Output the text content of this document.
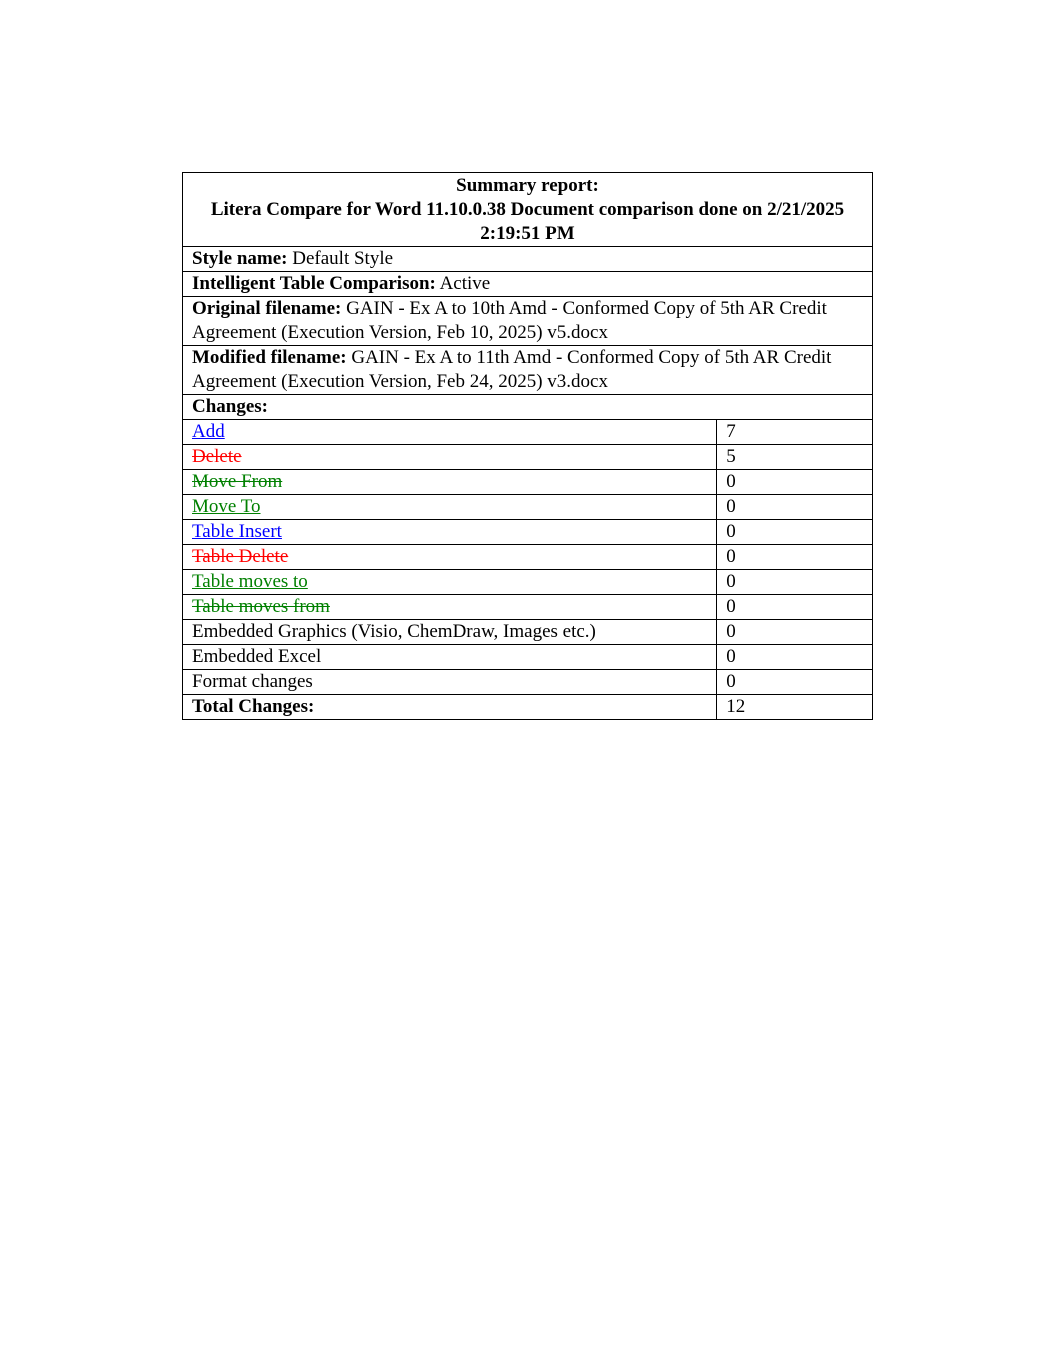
Summary report:
Litera Compare for Word 11.10.0.38 Document comparison done on 2/21/2025 2:19:51 PM	

Style name: Default Style	
Intelligent Table Comparison: Active	
Original filename: GAIN - Ex A to 10th Amd - Conformed Copy of 5th AR Credit Agreement (Execution Version, Feb 10, 2025) v5.docx	
Modified filename: GAIN - Ex A to 11th Amd - Conformed Copy of 5th AR Credit Agreement (Execution Version, Feb 24, 2025) v3.docx	
Changes:	
Add	7
Delete	5
Move From	0
Move To	0
Table Insert	0
Table Delete	0
Table moves to	0
Table moves from	0
Embedded Graphics (Visio, ChemDraw, Images etc.)	0
Embedded Excel	0
Format changes	0
Total Changes:	12
